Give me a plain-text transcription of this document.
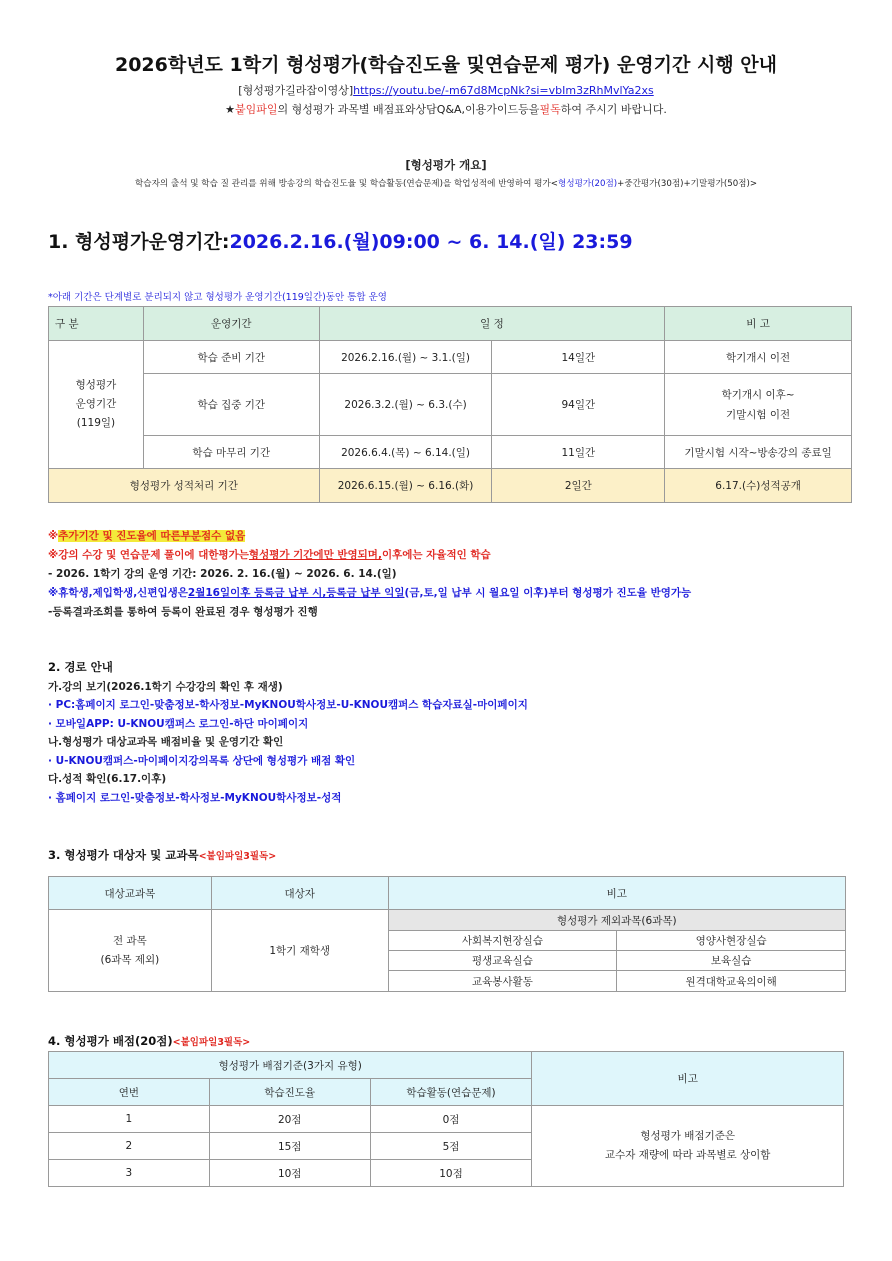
2026학년도 1학기 형성평가(학습진도율 및연습문제 평가) 운영기간 시행 안내
[형성평가길라잡이영상]https://youtu.be/-m67d8McpNk?si=vbIm3zRhMvlYa2xs
★붙임파일의 형성평가 과목별 배점표와상담Q&A,이용가이드등을필독하여 주시기 바랍니다.
[형성평가 개요]
학습자의 출석 및 학습 질 관리를 위해 방송강의 학습진도율 및 학습활동(연습문제)을 학업성적에 반영하여 평가<형성평가(20점)+중간평가(30점)+기말평가(50점)>
1. 형성평가운영기간:2026.2.16.(월)09:00 ~ 6. 14.(일) 23:59
*아래 기간은 단계별로 분리되지 않고 형성평가 운영기간(119일간)동안 통합 운영
구 분	운영기간	일 정		비 고

형성평가
운영기간
(119일)	학습 준비 기간	2026.2.16.(월) ~ 3.1.(일)	14일간	학기개시 이전
	학습 집중 기간	2026.3.2.(월) ~ 6.3.(수)	94일간	학기개시 이후~
기말시험 이전

	학습 마무리 기간	2026.6.4.(목) ~ 6.14.(일)	11일간	기말시험 시작~방송강의 종료일
형성평가 성적처리 기간		2026.6.15.(월) ~ 6.16.(화)	2일간	6.17.(수)성적공개
※추가기간 및 진도율에 따른부분점수 없음
※강의 수강 및 연습문제 풀이에 대한평가는형성평가 기간에만 반영되며,이후에는 자율적인 학습
- 2026. 1학기 강의 운영 기간: 2026. 2. 16.(월) ~ 2026. 6. 14.(일)
※휴학생,제입학생,신편입생은2월16일이후 등록금 납부 시,등록금 납부 익일(금,토,일 납부 시 월요일 이후)부터 형성평가 진도율 반영가능
-등록결과조회를 통하여 등록이 완료된 경우 형성평가 진행
2. 경로 안내
가.강의 보기(2026.1학기 수강강의 확인 후 재생)
· PC:홈페이지 로그인-맞춤정보-학사정보-MyKNOU학사정보-U-KNOU캠퍼스 학습자료실-마이페이지
· 모바일APP: U-KNOU캠퍼스 로그인-하단 마이페이지
나.형성평가 대상교과목 배점비율 및 운영기간 확인
· U-KNOU캠퍼스-마이페이지강의목록 상단에 형성평가 배점 확인
다.성적 확인(6.17.이후)
· 홈페이지 로그인-맞춤정보-학사정보-MyKNOU학사정보-성적
3. 형성평가 대상자 및 교과목<붙임파일3필독>
대상교과목	대상자	비고	

전 과목
(6과목 제외)	1학기 재학생	형성평가 제외과목(6과목)	
		사회복지현장실습	영양사현장실습
		평생교육실습	보육실습
		교육봉사활동	원격대학교육의이해
4. 형성평가 배점(20점)<붙임파일3필독>
형성평가 배점기준(3가지 유형)			비고
연번	학습진도율	학습활동(연습문제)	
1	20점	0점	형성평가 배점기준은
교수자 재량에 따라 과목별로 상이함

2	15점	5점	
3	10점	10점	
